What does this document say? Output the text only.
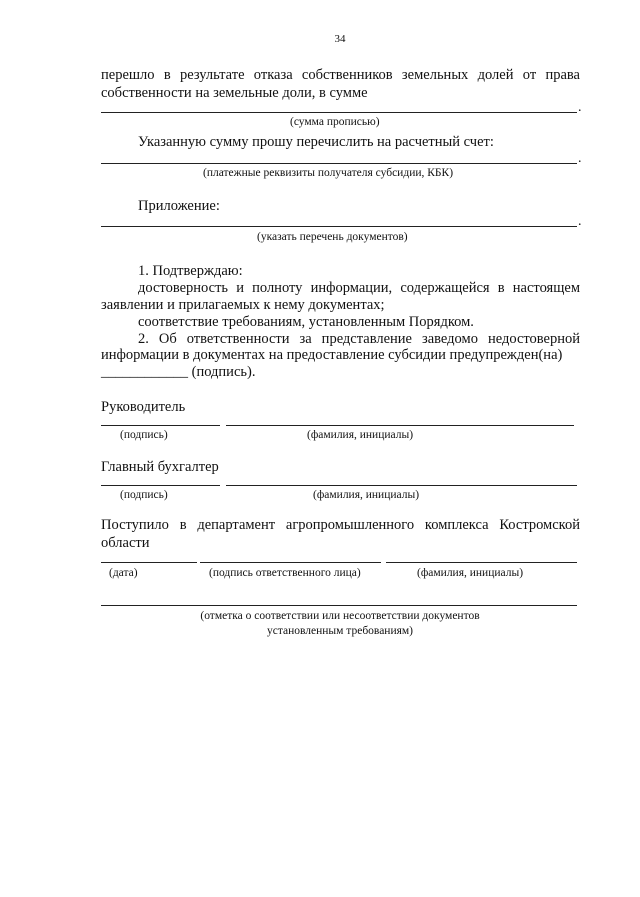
34
перешло в результате отказа собственников земельных долей от права
собственности на земельные доли, в сумме
.
(сумма прописью)
Указанную сумму прошу перечислить на расчетный счет:
.
(платежные реквизиты получателя субсидии, КБК)
Приложение:
.
(указать перечень документов)
1. Подтверждаю:
достоверность и полноту информации, содержащейся в настоящем
заявлении и прилагаемых к нему документах;
соответствие требованиям, установленным Порядком.
2. Об ответственности за представление заведомо недостоверной
информации в документах на предоставление субсидии предупрежден(на)
____________ (подпись).
Руководитель
(подпись)	(фамилия, инициалы)
Главный бухгалтер
(подпись)	(фамилия, инициалы)
Поступило в департамент агропромышленного комплекса Костромской
области
(дата)	(подпись ответственного лица)	(фамилия, инициалы)
(отметка о соответствии или несоответствии документов
установленным требованиям)
